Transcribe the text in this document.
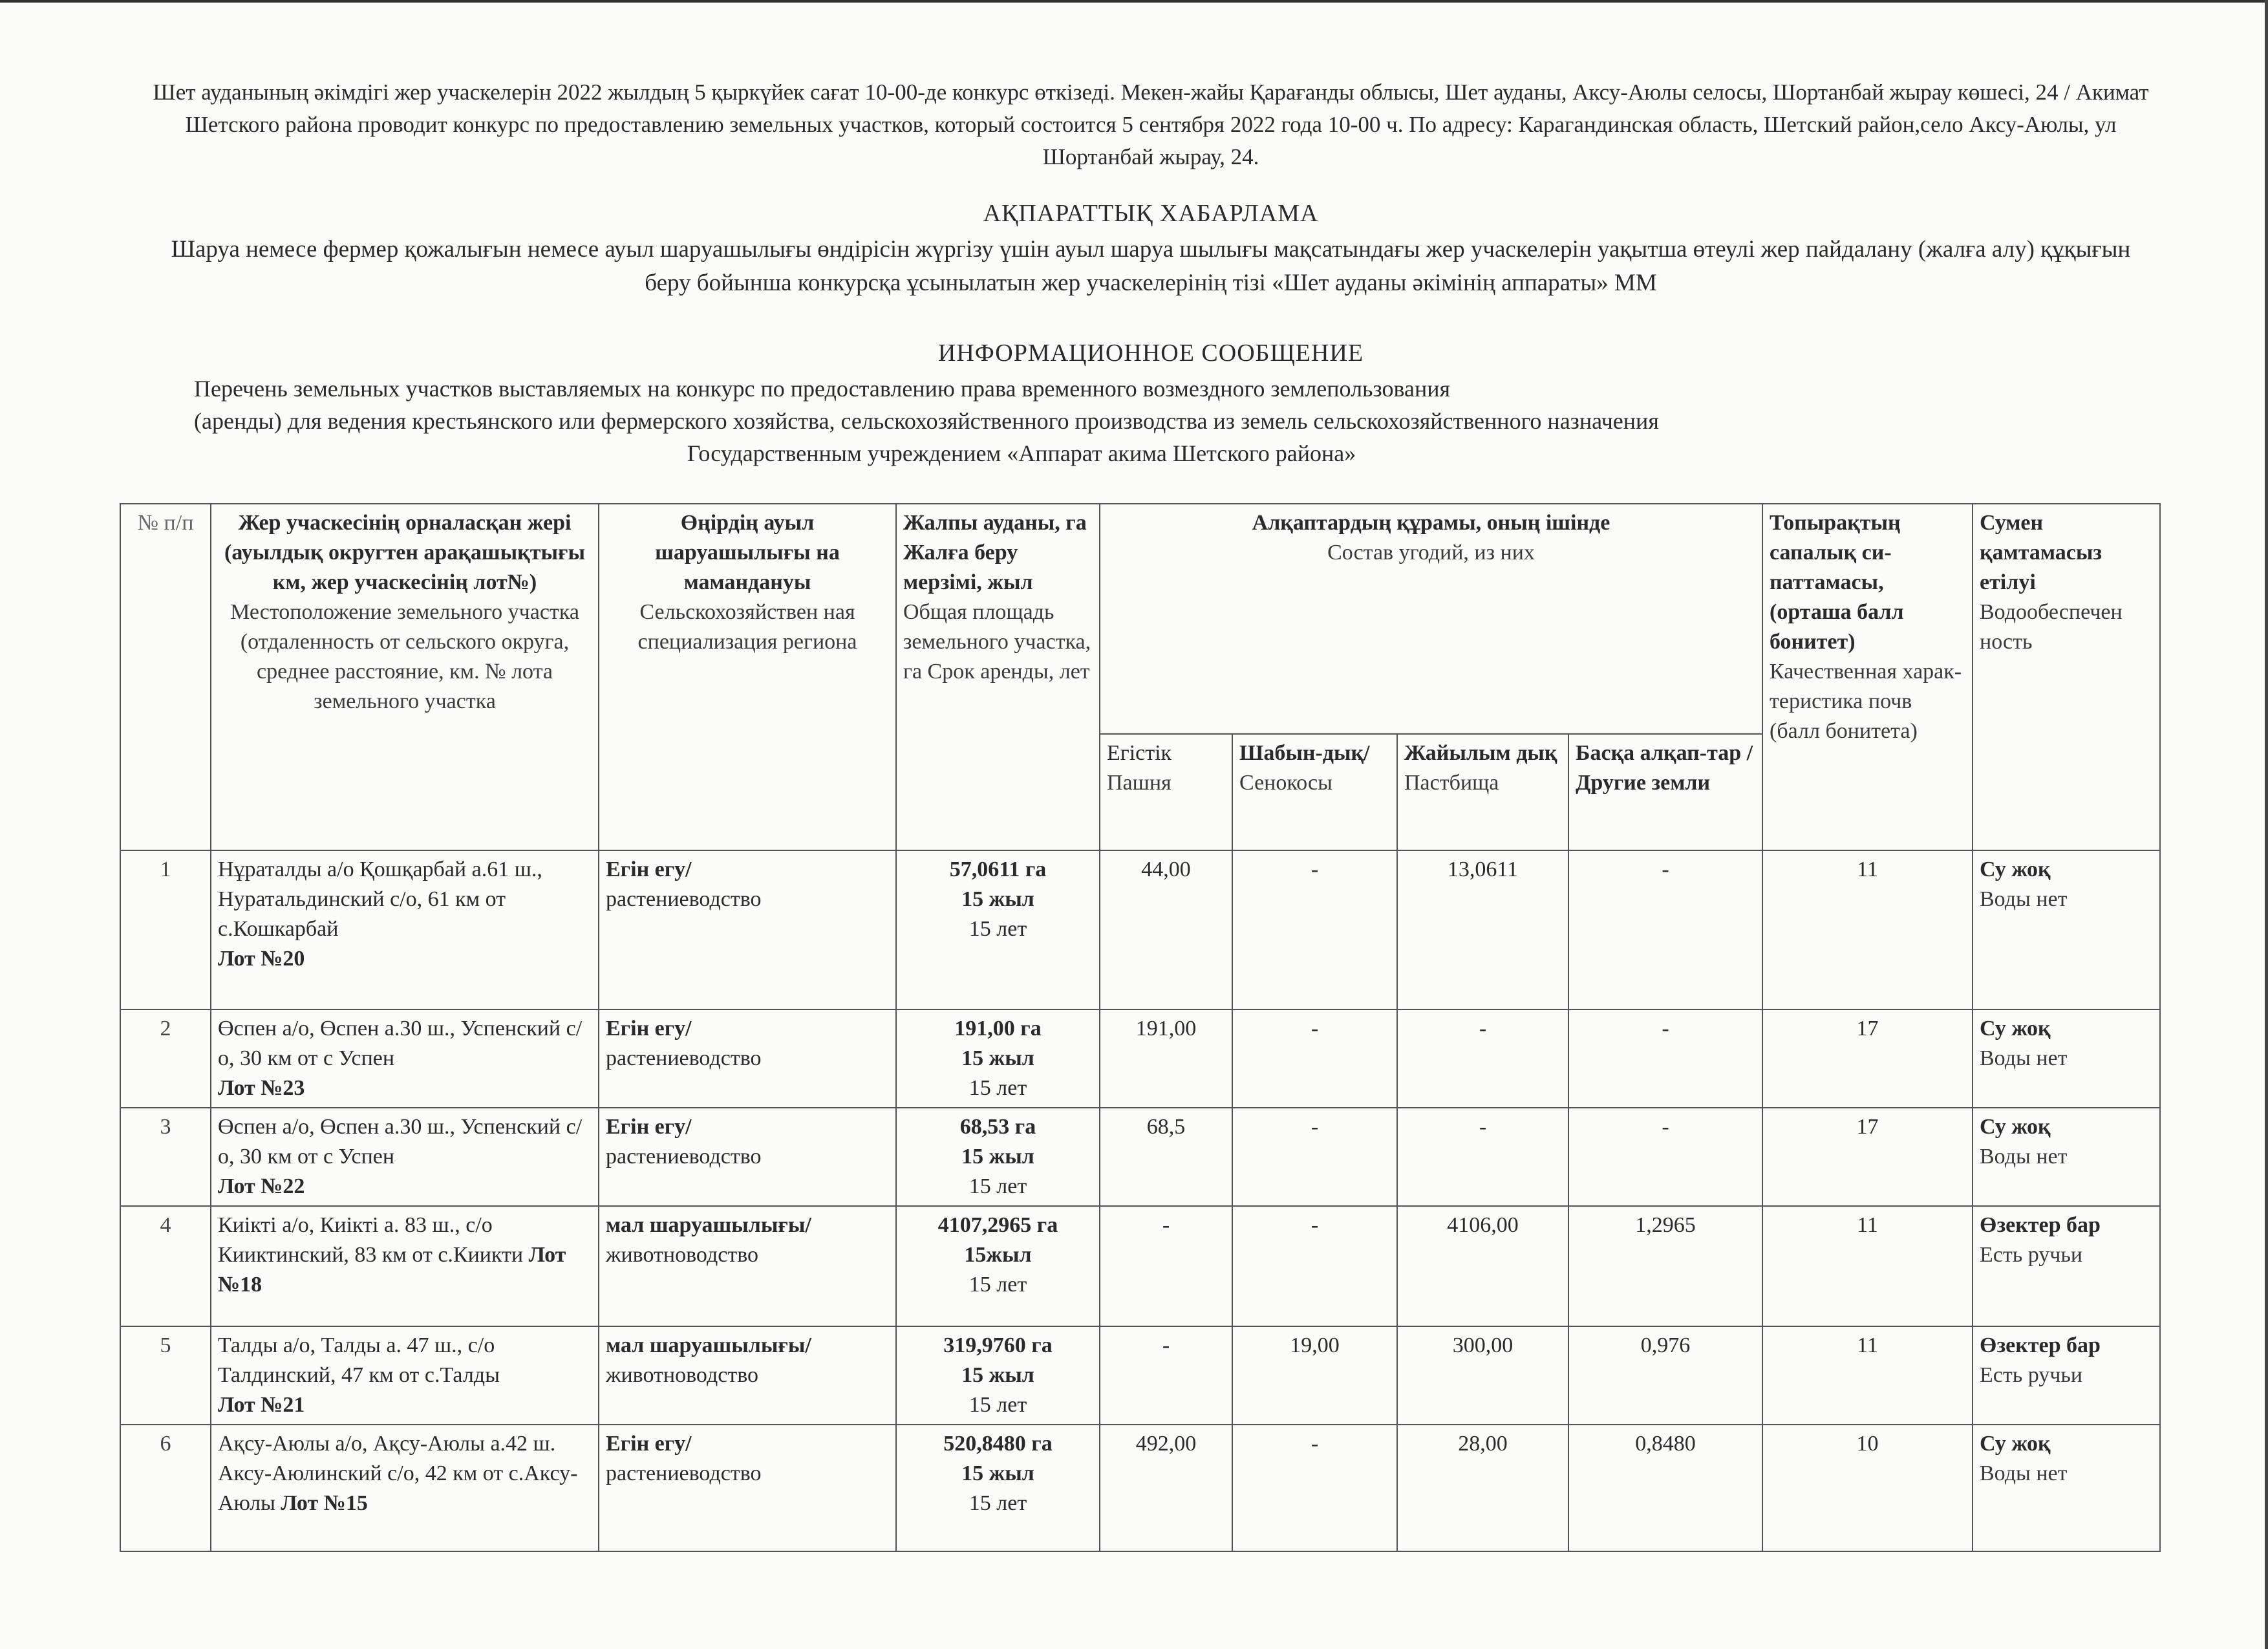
Шет ауданының әкімдігі жер учаскелерін 2022 жылдың 5 қыркүйек сағат 10-00-де конкурс өткізеді. Мекен-жайы Қарағанды облысы, Шет ауданы, Аксу-Аюлы селосы, Шортанбай жырау көшесі, 24 / Акимат Шетского района проводит конкурс по предоставлению земельных участков, который состоится 5 сентября 2022 года 10-00 ч. По адресу: Карагандинская область, Шетский район,село Аксу-Аюлы, ул Шортанбай жырау, 24.
АҚПАРАТТЫҚ ХАБАРЛАМА
Шаруа немесе фермер қожалығын немесе ауыл шаруашылығы өндірісін жүргізу үшін ауыл шаруа шылығы мақсатындағы жер учаскелерін уақытша өтеулі жер пайдалану (жалға алу) құқығын беру бойынша конкурсқа ұсынылатын жер учаскелерінің тізі «Шет ауданы әкімінің аппараты» ММ
ИНФОРМАЦИОННОЕ СООБЩЕНИЕ
Перечень земельных участков выставляемых на конкурс по предоставлению права временного возмездного землепользования
(аренды) для ведения крестьянского или фермерского хозяйства, сельскохозяйственного производства из земель сельскохозяйственного назначения
Государственным учреждением «Аппарат акима Шетского района»
№ п/п	Жер учаскесінің орналасқан жері (ауылдық округтен арақашықтығы км, жер учаскесінің лот№)
Местоположение земельного участка (отдаленность от сельского округа, среднее расстояние, км. № лота земельного участка	Өңірдің ауыл шаруашылығы на мамандануы
Сельскохозяйствен ная специализация региона	Жалпы ауданы, га Жалға беру мерзімі, жыл
Общая площадь земельного участка, га Срок аренды, лет	Алқаптардың құрамы, оның ішінде
Состав угодий, из них				Топырақтың сапалық си-паттамасы, (орташа балл бонитет)
Качественная харак-теристика почв (балл бонитета)	Сумен қамтамасыз етілуі
Водообеспечен ность

				Егістік
Пашня	Шабын-дық/
Сенокосы	Жайылым дық
Пастбища	Басқа алқап-тар / Другие земли		

1	Нұраталды а/о Қошқарбай а.61 ш., Нуратальдинский с/о, 61 км от с.Кошкарбай
Лот №20	Егін егу/
растениеводство	57,0611 га
15 жыл
15 лет	44,00	-	13,0611	-	11	Су жоқ
Воды нет

2	Өспен а/о, Өспен а.30 ш., Успенский с/о, 30 км от с Успен
Лот №23	Егін егу/
растениеводство	191,00 га
15 жыл
15 лет	191,00	-	-	-	17	Су жоқ
Воды нет

3	Өспен а/о, Өспен а.30 ш., Успенский с/о, 30 км от с Успен
Лот №22	Егін егу/
растениеводство	68,53 га
15 жыл
15 лет	68,5	-	-	-	17	Су жоқ
Воды нет

4	Киікті а/о, Киікті а. 83 ш., с/о Кииктинский, 83 км от с.Киикти Лот №18	мал шаруашылығы/
животноводство	4107,2965 га
15жыл
15 лет	-	-	4106,00	1,2965	11	Өзектер бар
Есть ручьи

5	Талды а/о, Талды а. 47 ш., с/о Талдинский, 47 км от с.Талды
Лот №21	мал шаруашылығы/
животноводство	319,9760 га
15 жыл
15 лет	-	19,00	300,00	0,976	11	Өзектер бар
Есть ручьи

6	Ақсу-Аюлы а/о, Ақсу-Аюлы а.42 ш. Аксу-Аюлинский с/о, 42 км от с.Аксу-Аюлы Лот №15	Егін егу/
растениеводство	520,8480 га
15 жыл
15 лет	492,00	-	28,00	0,8480	10	Су жоқ
Воды нет
